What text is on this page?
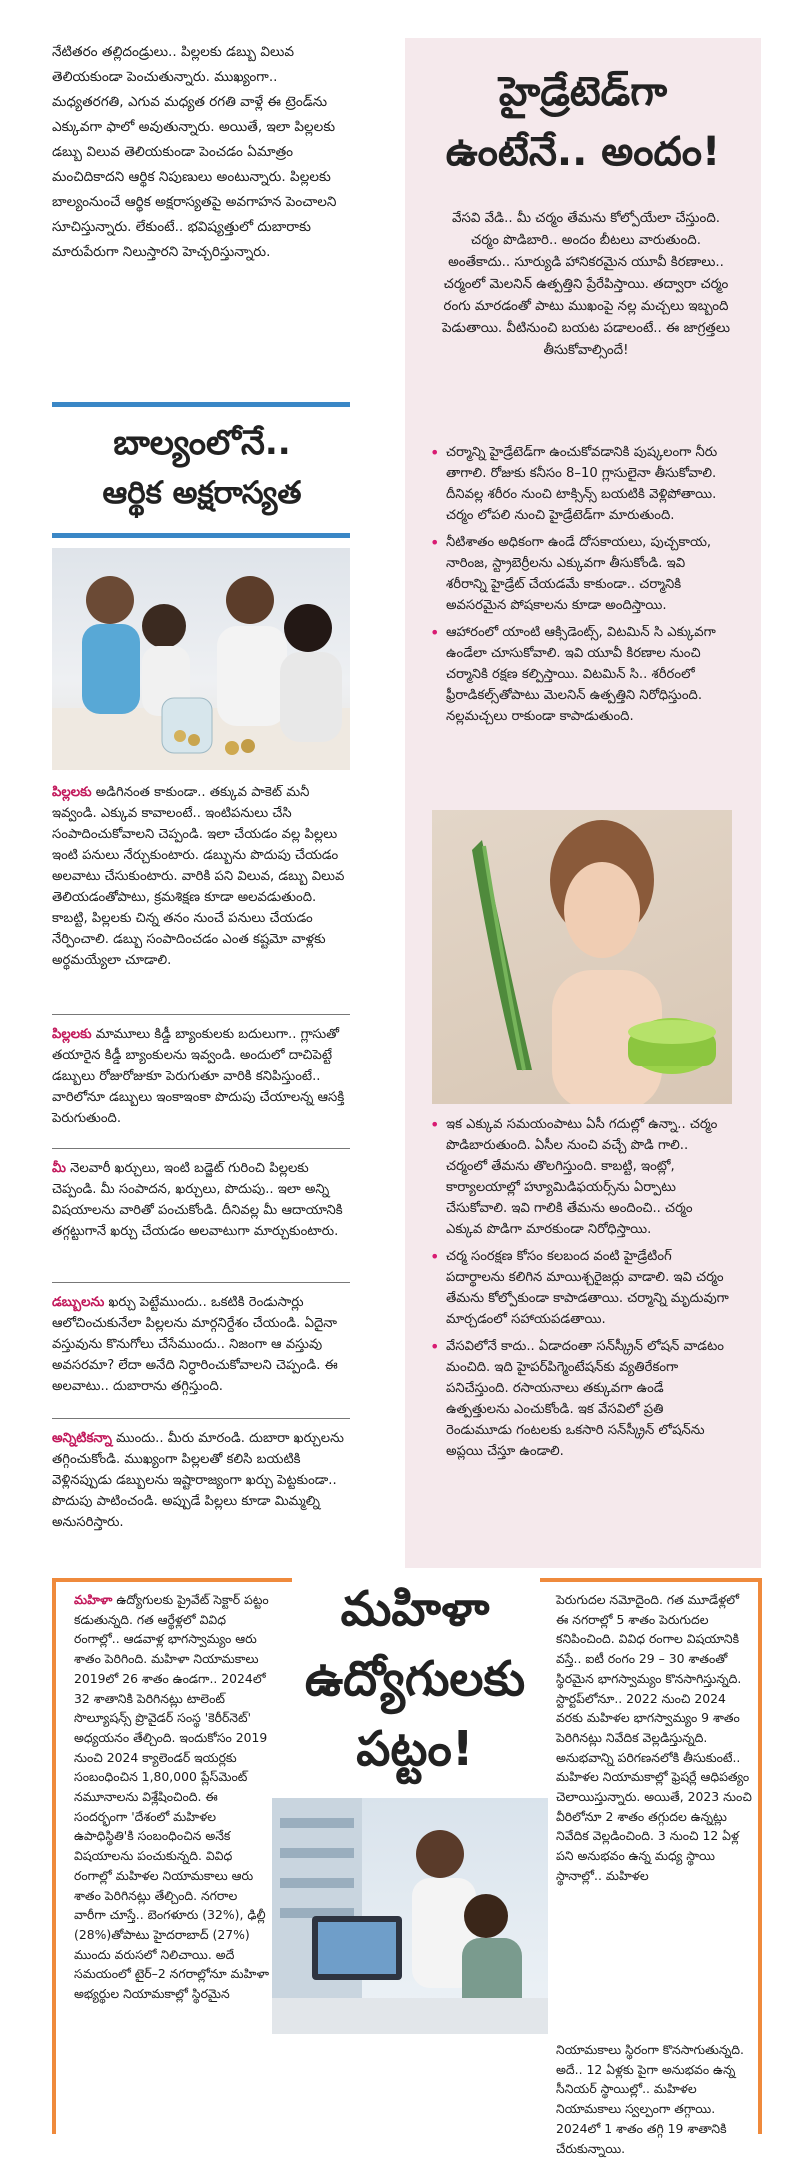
నేటితరం తల్లిదండ్రులు.. పిల్లలకు డబ్బు విలువ తెలియకుండా పెంచుతున్నారు. ముఖ్యంగా.. మధ్యతరగతి, ఎగువ మధ్యత రగతి వాళ్లే ఈ ట్రెండ్‌ను ఎక్కువగా ఫాలో అవుతున్నారు. అయితే, ఇలా పిల్లలకు డబ్బు విలువ తెలియకుండా పెంచడం ఏమాత్రం మంచిదికాదని ఆర్థిక నిపుణులు అంటున్నారు. పిల్లలకు బాల్యంనుంచే ఆర్థిక అక్షరాస్యతపై అవగాహన పెంచాలని సూచిస్తున్నారు. లేకుంటే.. భవిష్యత్తులో దుబారాకు మారుపేరుగా నిలుస్తారని హెచ్చరిస్తున్నారు.

బాల్యంలోనే..
ఆర్థిక అక్షరాస్యత
పిల్లలకు అడిగినంత కాకుండా.. తక్కువ పాకెట్ మనీ ఇవ్వండి. ఎక్కువ కావాలంటే.. ఇంటిపనులు చేసి సంపాదించుకోవాలని చెప్పండి. ఇలా చేయడం వల్ల పిల్లలు ఇంటి పనులు నేర్చుకుంటారు. డబ్బును పొదుపు చేయడం అలవాటు చేసుకుంటారు. వారికి పని విలువ, డబ్బు విలువ తెలియడంతోపాటు, క్రమశిక్షణ కూడా అలవడుతుంది. కాబట్టి, పిల్లలకు చిన్న తనం నుంచే పనులు చేయడం నేర్పించాలి. డబ్బు సంపాదించడం ఎంత కష్టమో వాళ్లకు అర్థమయ్యేలా చూడాలి.
పిల్లలకు మామూలు కిడ్డీ బ్యాంకులకు బదులుగా.. గ్లాసుతో తయారైన కిడ్డీ బ్యాంకులను ఇవ్వండి. అందులో దాచిపెట్టే డబ్బులు రోజురోజుకూ పెరుగుతూ వారికి కనిపిస్తుంటే.. వారిలోనూ డబ్బులు ఇంకాఇంకా పొదుపు చేయాలన్న ఆసక్తి పెరుగుతుంది.
మీ నెలవారీ ఖర్చులు, ఇంటి బడ్జెట్ గురించి పిల్లలకు చెప్పండి. మీ సంపాదన, ఖర్చులు, పొదుపు.. ఇలా అన్ని విషయాలను వారితో పంచుకోండి. దీనివల్ల మీ ఆదాయానికి తగ్గట్టుగానే ఖర్చు చేయడం అలవాటుగా మార్చుకుంటారు.
డబ్బులను ఖర్చు పెట్టేముందు.. ఒకటికి రెండుసార్లు ఆలోచించుకునేలా పిల్లలను మార్గనిర్దేశం చేయండి. ఏదైనా వస్తువును కొనుగోలు చేసేముందు.. నిజంగా ఆ వస్తువు అవసరమా? లేదా అనేది నిర్ధారించుకోవాలని చెప్పండి. ఈ అలవాటు.. దుబారాను తగ్గిస్తుంది.
అన్నిటికన్నా ముందు.. మీరు మారండి. దుబారా ఖర్చులను తగ్గించుకోండి. ముఖ్యంగా పిల్లలతో కలిసి బయటికి వెళ్లినప్పుడు డబ్బులను ఇష్టారాజ్యంగా ఖర్చు పెట్టకుండా.. పొదుపు పాటించండి. అప్పుడే పిల్లలు కూడా మిమ్మల్ని అనుసరిస్తారు.
హైడ్రేటెడ్‌గా
ఉంటేనే.. అందం!

వేసవి వేడి.. మీ చర్మం తేమను కోల్పోయేలా చేస్తుంది. చర్మం పొడిబారి.. అందం బీటలు వారుతుంది. అంతేకాదు.. సూర్యుడి హానికరమైన యూవీ కిరణాలు.. చర్మంలో మెలనిన్ ఉత్పత్తిని ప్రేరేపిస్తాయి. తద్వారా చర్మం రంగు మారడంతో పాటు ముఖంపై నల్ల మచ్చలు ఇబ్బంది పెడుతాయి. వీటినుంచి బయట పడాలంటే.. ఈ జాగ్రత్తలు తీసుకోవాల్సిందే!

• చర్మాన్ని హైడ్రేటెడ్‌గా ఉంచుకోవడానికి పుష్కలంగా నీరు తాగాలి. రోజుకు కనీసం 8–10 గ్లాసులైనా తీసుకోవాలి. దీనివల్ల శరీరం నుంచి టాక్సిన్స్ బయటికి వెళ్లిపోతాయి. చర్మం లోపలి నుంచి హైడ్రేటెడ్‌గా మారుతుంది.
• నీటిశాతం అధికంగా ఉండే దోసకాయలు, పుచ్చకాయ, నారింజ, స్ట్రాబెర్రీలను ఎక్కువగా తీసుకోండి. ఇవి శరీరాన్ని హైడ్రేట్ చేయడమే కాకుండా.. చర్మానికి అవసరమైన పోషకాలను కూడా అందిస్తాయి.
• ఆహారంలో యాంటి ఆక్సిడెంట్స్, విటమిన్ సి ఎక్కువగా ఉండేలా చూసుకోవాలి. ఇవి యూవీ కిరణాల నుంచి చర్మానికి రక్షణ కల్పిస్తాయి. విటమిన్ సి.. శరీరంలో ఫ్రీరాడికల్స్‌తోపాటు మెలనిన్ ఉత్పత్తిని నిరోధిస్తుంది. నల్లమచ్చలు రాకుండా కాపాడుతుంది.
• ఇక ఎక్కువ సమయంపాటు ఏసీ గదుల్లో ఉన్నా.. చర్మం పొడిబారుతుంది. ఏసీల నుంచి వచ్చే పొడి గాలి.. చర్మంలో తేమను తొలగిస్తుంది. కాబట్టి, ఇంట్లో, కార్యాలయాల్లో హ్యూమిడిఫయర్స్‌ను ఏర్పాటు చేసుకోవాలి. ఇవి గాలికి తేమను అందించి.. చర్మం ఎక్కువ పొడిగా మారకుండా నిరోధిస్తాయి.
• చర్మ సంరక్షణ కోసం కలబంద వంటి హైడ్రేటింగ్ పదార్థాలను కలిగిన మాయిశ్చరైజర్లు వాడాలి. ఇవి చర్మం తేమను కోల్పోకుండా కాపాడతాయి. చర్మాన్ని మృదువుగా మార్చడంలో సహాయపడతాయి.
• వేసవిలోనే కాదు.. ఏడాదంతా సన్‌స్క్రీన్ లోషన్ వాడటం మంచిది. ఇది హైపర్‌పిగ్మెంటేషన్‌కు వ్యతిరేకంగా పనిచేస్తుంది. రసాయనాలు తక్కువగా ఉండే ఉత్పత్తులను ఎంచుకోండి. ఇక వేసవిలో ప్రతి రెండుమూడు గంటలకు ఒకసారి సన్‌స్క్రీన్ లోషన్‌ను అప్లయి చేస్తూ ఉండాలి.
మహిళా
ఉద్యోగులకు
పట్టం!
మహిళా ఉద్యోగులకు ప్రైవేట్ సెక్టార్ పట్టం కడుతున్నది. గత ఆర్థేళ్లలో వివిధ రంగాల్లో.. ఆడవాళ్ల భాగస్వామ్యం ఆరు శాతం పెరిగింది. మహిళా నియామకాలు 2019లో 26 శాతం ఉండగా.. 2024లో 32 శాతానికి పెరిగినట్లు టాలెంట్ సొల్యూషన్స్ ప్రొవైడర్ సంస్థ 'కెరీర్‌నెట్' అధ్యయనం తేల్చింది. ఇందుకోసం 2019 నుంచి 2024 క్యాలెండర్ ఇయర్లకు సంబంధించిన 1,80,000 ప్లేస్‌మెంట్ నమూనాలను విశ్లేషించింది. ఈ సందర్భంగా 'దేశంలో మహిళల ఉపాధిస్థితి'కి సంబంధించిన అనేక విషయాలను పంచుకున్నది. వివిధ రంగాల్లో మహిళల నియామకాలు ఆరు శాతం పెరిగినట్లు తేల్చింది. నగరాల వారీగా చూస్తే.. బెంగళూరు (32%), ఢిల్లీ (28%)తోపాటు హైదరాబాద్ (27%) ముందు వరుసలో నిలిచాయి. అదే సమయంలో టైర్–2 నగరాల్లోనూ మహిళా అభ్యర్థుల నియామకాల్లో స్థిరమైన

పెరుగుదల నమోదైంది. గత మూడేళ్లలో ఈ నగరాల్లో 5 శాతం పెరుగుదల కనిపించింది. వివిధ రంగాల విషయానికి వస్తే.. ఐటీ రంగం 29 – 30 శాతంతో స్థిరమైన భాగస్వామ్యం కొనసాగిస్తున్నది. స్టార్టప్‌లోనూ.. 2022 నుంచి 2024 వరకు మహిళల భాగస్వామ్యం 9 శాతం పెరిగినట్లు నివేదిక వెల్లడిస్తున్నది. అనుభవాన్ని పరిగణనలోకి తీసుకుంటే.. మహిళల నియామకాల్లో ఫ్రెషర్లే ఆధిపత్యం చెలాయిస్తున్నారు. అయితే, 2023 నుంచి వీరిలోనూ 2 శాతం తగ్గుదల ఉన్నట్లు నివేదిక వెల్లడించింది. 3 నుంచి 12 ఏళ్ల పని అనుభవం ఉన్న మధ్య స్థాయి స్థానాల్లో.. మహిళల

నియామకాలు స్థిరంగా కొనసాగుతున్నది. అదే.. 12 ఏళ్లకు పైగా అనుభవం ఉన్న సీనియర్ స్థాయిల్లో.. మహిళల నియామకాలు స్వల్పంగా తగ్గాయి. 2024లో 1 శాతం తగ్గి 19 శాతానికి చేరుకున్నాయి.
